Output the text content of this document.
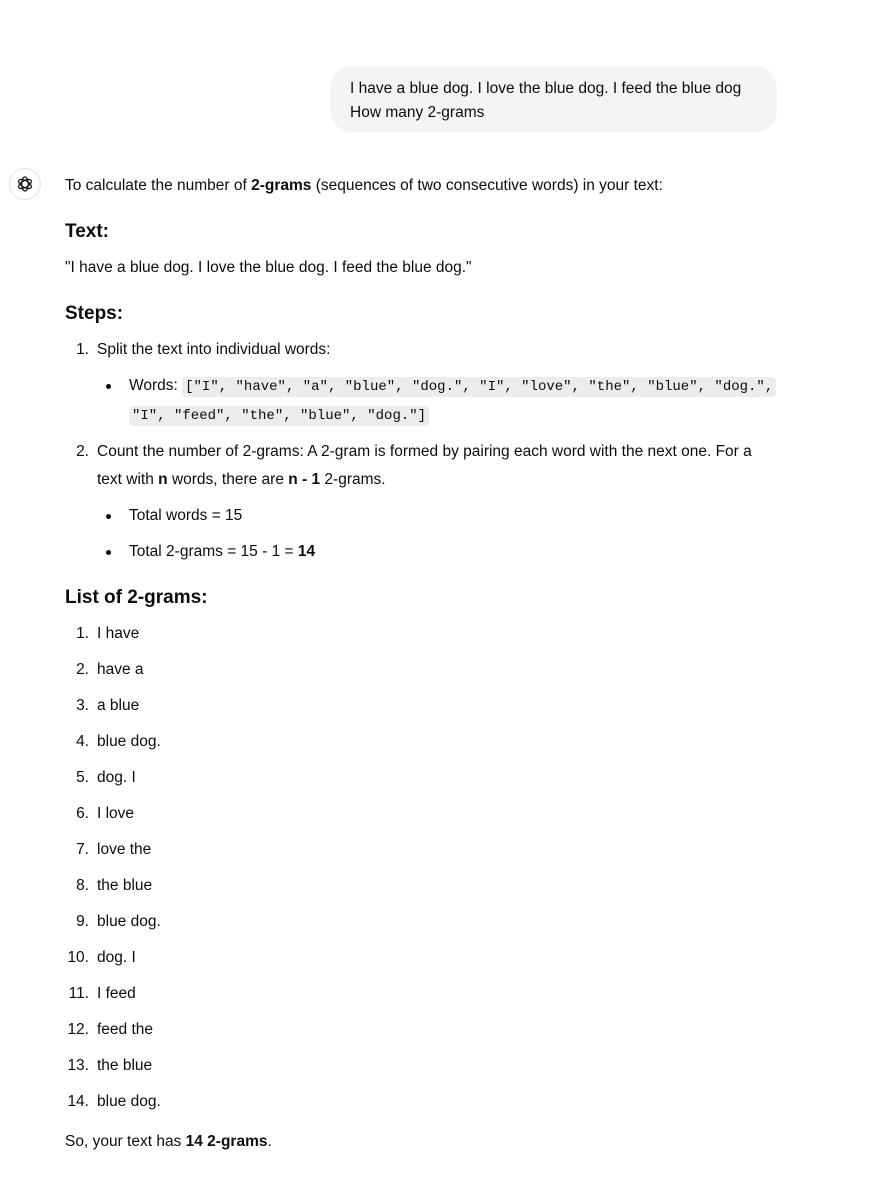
I have a blue dog. I love the blue dog. I feed the blue dog
How many 2-grams
To calculate the number of 2-grams (sequences of two consecutive words) in your text:
Text:
"I have a blue dog. I love the blue dog. I feed the blue dog."
Steps:
1. Split the text into individual words:
Words: ["I", "have", "a", "blue", "dog.", "I", "love", "the", "blue", "dog.",
"I", "feed", "the", "blue", "dog."]
2. Count the number of 2-grams: A 2-gram is formed by pairing each word with the next one. For a text with n words, there are n - 1 2-grams.
Total words = 15
Total 2-grams = 15 - 1 = 14
List of 2-grams:
1. I have
2. have a
3. a blue
4. blue dog.
5. dog. I
6. I love
7. love the
8. the blue
9. blue dog.
10. dog. I
11. I feed
12. feed the
13. the blue
14. blue dog.
So, your text has 14 2-grams.
